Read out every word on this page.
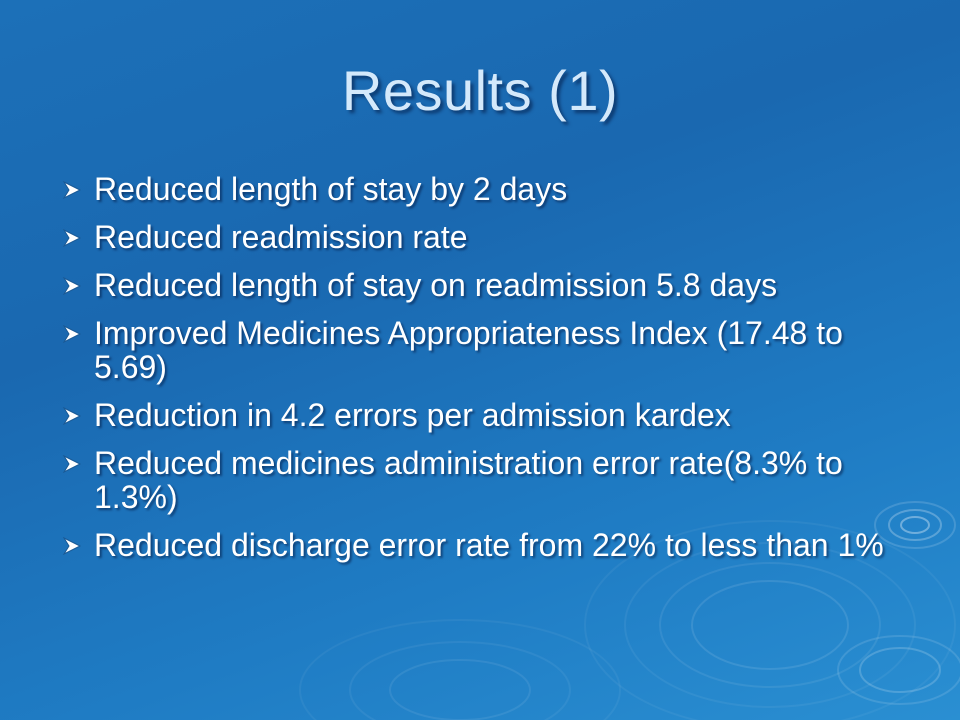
Results (1)
Reduced length of stay by 2 days
Reduced readmission rate
Reduced length of stay on readmission 5.8 days
Improved Medicines Appropriateness Index (17.48 to 5.69)
Reduction in 4.2 errors per admission kardex
Reduced medicines administration error rate(8.3% to 1.3%)
Reduced discharge error rate from 22% to less than 1%
